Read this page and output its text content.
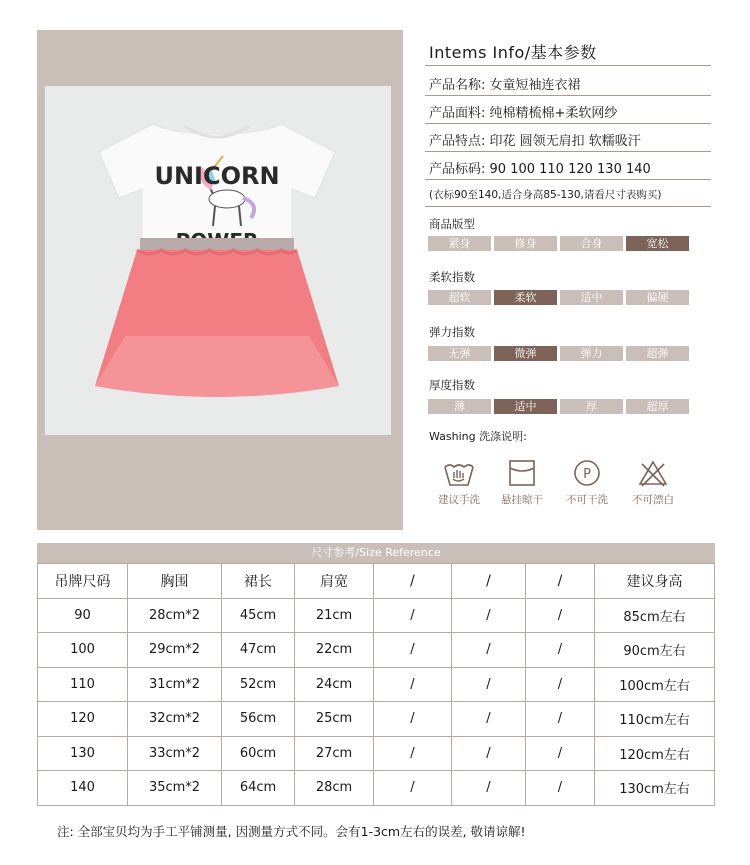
UNICORN
Intems Info/基本参数
产品名称: 女童短袖连衣裙
产品面料: 纯棉精梳棉+柔软网纱
产品特点: 印花 圆领无肩扣 软糯吸汗
产品标码: 90 100 110 120 130 140
(衣标90至140,适合身高85-130,请看尺寸表购买)
商品版型
紧身	修身	合身	宽松
柔软指数
超软	柔软	适中	偏硬
弹力指数
无弹	微弹	弹力	超弹
厚度指数
薄	适中	厚	超厚
Washing 洗涤说明:
建议手洗	悬挂晾干
P
不可干洗	不可漂白
尺寸参考/Size Reference
吊牌尺码	胸围	裙长	肩宽	/	/	/	建议身高
90	28cm*2	45cm	21cm	/	/	/	85cm左右
100	29cm*2	47cm	22cm	/	/	/	90cm左右
110	31cm*2	52cm	24cm	/	/	/	100cm左右
120	32cm*2	56cm	25cm	/	/	/	110cm左右
130	33cm*2	60cm	27cm	/	/	/	120cm左右
140	35cm*2	64cm	28cm	/	/	/	130cm左右
注: 全部宝贝均为手工平铺测量, 因测量方式不同。会有1-3cm左右的误差, 敬请谅解!
